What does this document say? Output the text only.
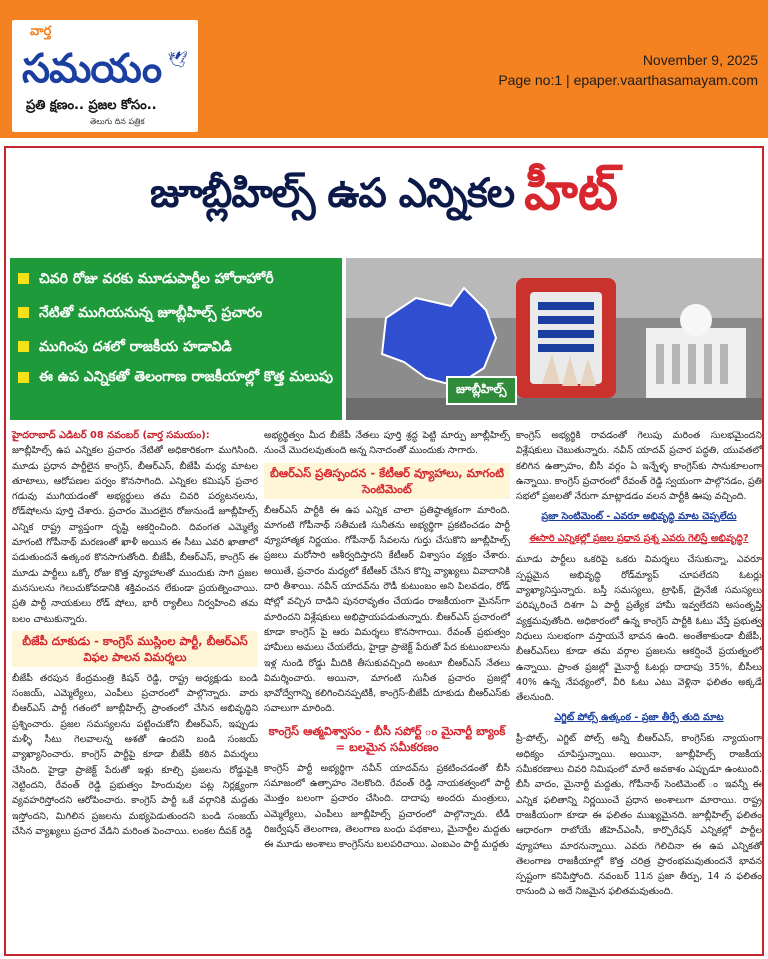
వార్త
సమయం 🕊
ప్రతి క్షణం.. ప్రజల కోసం..
తెలుగు దిన పత్రిక
November 9, 2025
Page no:1 | epaper.vaarthasamayam.com
జూబ్లీహిల్స్ ఉప ఎన్నికల హీట్
చివరి రోజు వరకు మూడుపార్టీల హోరాహోరీ
నేటితో ముగియనున్న జూబ్లీహిల్స్ ప్రచారం
ముగింపు దశలో రాజకీయ హడావిడి
ఈ ఉప ఎన్నికతో తెలంగాణ రాజకీయాల్లో కొత్త మలుపు
జూబ్లీహిల్స్

హైదరాబాద్ ఎడిటర్ 08 నవంబర్ (వార్త సమయం):

జూబ్లీహిల్స్ ఉప ఎన్నికల ప్రచారం నేటితో అధికారికంగా ముగిసింది. మూడు ప్రధాన పార్టీలైన కాంగ్రెస్, బీఆర్ఎస్, బీజేపీ మధ్య మాటల తూటాలు, ఆరోపణల పర్వం కొనసాగింది. ఎన్నికల కమిషన్ ప్రచార గడువు ముగియడంతో అభ్యర్థులు తమ చివరి పర్యటనలను, రోడ్‌షోలను పూర్తి చేశారు. ప్రచారం మొదలైన రోజునుండే జూబ్లీహిల్స్ ఎన్నిక రాష్ట్ర వ్యాప్తంగా దృష్టి ఆకర్షించింది. దివంగత ఎమ్మెల్యే మాగంటి గోపీనాథ్ మరణంతో ఖాళీ అయిన ఈ సీటు ఎవరి ఖాతాలో పడుతుందనే ఉత్కంఠ కొనసాగుతోంది. బీజేపీ, బీఆర్ఎస్, కాంగ్రెస్ ఈ మూడు పార్టీలు ఒక్కో రోజు కొత్త వ్యూహాలతో ముందుకు సాగి ప్రజల మనసులను గెలుచుకోవడానికి శక్తివంచన లేకుండా ప్రయత్నించాయి. ప్రతి పార్టీ నాయకులు రోడ్ షోలు, భారీ ర్యాలీలు నిర్వహించి తమ బలం చాటుకున్నారు.

బీజేపీ దూకుడు - కాంగ్రెస్ ముస్లింల పార్టీ, బీఆర్ఎస్ విఫల పాలన విమర్శలు

బీజేపీ తరపున కేంద్రమంత్రి కిషన్ రెడ్డి, రాష్ట్ర అధ్యక్షుడు బండి సంజయ్, ఎమ్మెల్యేలు, ఎంపీలు ప్రచారంలో పాల్గొన్నారు. వారు బీఆర్ఎస్ పార్టీ గతంలో జూబ్లీహిల్స్ ప్రాంతంలో చేసిన అభివృద్ధిని ప్రశ్నించారు. ప్రజల సమస్యలను పట్టించుకోని బీఆర్ఎస్, ఇప్పుడు మళ్ళీ సీటు గెలవాలన్న ఆశతో ఉందని బండి సంజయ్ వ్యాఖ్యానించారు. కాంగ్రెస్ పార్టీపై కూడా బీజేపీ కఠిన విమర్శలు చేసింది. హైడ్రా ప్రాజెక్ట్ పేరుతో ఇళ్లు కూల్చి ప్రజలను రోడ్డుపైకి నెట్టిందని, రేవంత్ రెడ్డి ప్రభుత్వం హిందువుల పట్ల నిర్లక్ష్యంగా వ్యవహరిస్తోందని ఆరోపించారు. కాంగ్రెస్ పార్టీ ఒకే వర్గానికి మద్దతు ఇస్తోందని, మిగిలిన ప్రజలను మభ్యపెడుతుందని బండి సంజయ్ చేసిన వ్యాఖ్యలు ప్రచార వేడిని మరింత పెంచాయి. లంకల దీపక్ రెడ్డి

అభ్యర్థిత్వం మీద బీజేపీ నేతలు పూర్తి శ్రద్ధ పెట్టి మార్పు జూబ్లీహిల్స్ నుంచే మొదలవుతుంది అన్న నినాదంతో ముందుకు సాగారు.

బీఆర్ఎస్ ప్రతిస్పందన - కేటీఆర్ వ్యూహాలు, మాగంటి సెంటిమెంట్

బీఆర్ఎస్ పార్టీకి ఈ ఉప ఎన్నిక చాలా ప్రతిష్ఠాత్మకంగా మారింది. మాగంటి గోపీనాథ్ సతీమణి సునీతను అభ్యర్థిగా ప్రకటించడం పార్టీ వ్యూహాత్మక నిర్ణయం. గోపీనాథ్ సేవలను గుర్తు చేసుకొని జూబ్లీహిల్స్ ప్రజలు మరోసారి ఆశీర్వదిస్తారని కేటీఆర్ విశ్వాసం వ్యక్తం చేశారు. అయితే, ప్రచారం మధ్యలో కేటీఆర్ చేసిన కొన్ని వ్యాఖ్యలు వివాదానికి దారి తీశాయి. నవీన్ యాదవ్‌ను రౌడీ కుటుంబం అని పిలవడం, రోడ్ షోల్లో వచ్చిన దాడిని పునరావృతం చేయడం రాజకీయంగా మైనస్‌గా మారిందని విశ్లేషకులు అభిప్రాయపడుతున్నారు. బీఆర్ఎస్ ప్రచారంలో కూడా కాంగ్రెస్ పై ఆరు విమర్శలు కొనసాగాయి. రేవంత్ ప్రభుత్వం హామీలు అమలు చేయలేదు, హైడ్రా ప్రాజెక్ట్ పేరుతో పేద కుటుంబాలను ఇళ్ల నుండి రోడ్డు మీదికి తీసుకువచ్చింది అంటూ బీఆర్ఎస్ నేతలు విమర్శించారు. అయినా, మాగంటి సునీత ప్రచారం ప్రజల్లో భావోద్వేగాన్ని కలిగించినప్పటికీ, కాంగ్రెస్-బీజేపీ దూకుడు బీఆర్ఎస్‌కు సవాలుగా మారింది.

కాంగ్రెస్ ఆత్మవిశ్వాసం - బీసీ సపోర్ట్ ం మైనార్టీ బ్యాంక్ = బలమైన సమీకరణం

కాంగ్రెస్ పార్టీ అభ్యర్థిగా నవీన్ యాదవ్‌ను ప్రకటించడంతో బీసీ సమాజంలో ఉత్సాహం నెలకొంది. రేవంత్ రెడ్డి నాయకత్వంలో పార్టీ మొత్తం బలంగా ప్రచారం చేసింది. దాదాపు అందరు మంత్రులు, ఎమ్మెల్యేలు, ఎంపీలు జూబ్లీహిల్స్ ప్రచారంలో పాల్గొన్నారు. టీడీ రిజర్వేషన్ తెలంగాణ, తెలంగాణ బంధు పథకాలు, మైనార్టీల మద్దతు ఈ మూడు అంశాలు కాంగ్రెస్‌ను బలపరిచాయి. ఎంఐఎం పార్టీ మద్దతు

కాంగ్రెస్ అభ్యర్థికి రావడంతో గెలుపు మరింత సులభమైందని విశ్లేషకులు చెబుతున్నారు. నవీన్ యాదవ్ ప్రచార పద్ధతి, యువతలో కలిగిన ఉత్సాహం, బీసీ వర్గం ఏ ఇన్నేళ్ళ కాంగ్రెస్‌కు సానుకూలంగా ఉన్నాయి. కాంగ్రెస్ ప్రచారంలో రేవంత్ రెడ్డి స్వయంగా పాల్గొనడం, ప్రతి సభలో ప్రజలతో నేరుగా మాట్లాడడం వలన పార్టీకి ఊపు వచ్చింది.

ప్రజా సెంటిమెంట్ - ఎవరూ అభివృద్ధి మాట చెప్పలేదు
ఈసారి ఎన్నికల్లో ప్రజల ప్రధాన ప్రశ్న ఎవరు గెలిస్తే అభివృద్ధి?

మూడు పార్టీలు ఒకరిపై ఒకరు విమర్శలు చేసుకున్నా, ఎవరూ స్పష్టమైన అభివృద్ధి రోడ్‌మ్యాప్ చూపలేదని ఓటర్లు వ్యాఖ్యానిస్తున్నారు. బస్తీ సమస్యలు, ట్రాఫిక్, డ్రైనేజీ సమస్యలు పరిష్కరించే దిశగా ఏ పార్టీ ప్రత్యేక హామీ ఇవ్వలేదని అసంతృప్తి వ్యక్తమవుతోంది. అధికారంలో ఉన్న కాంగ్రెస్ పార్టీకి ఓటు వేస్తే ప్రభుత్వ నిధులు సులభంగా వస్తాయనే భావన ఉంది. అంతేకాకుండా బీజేపీ, బీఆర్ఎస్‌లు కూడా తమ వర్గాల ప్రజలను ఆకర్షించే ప్రయత్నంలో ఉన్నాయి. ప్రాంత ప్రజల్లో మైనార్టీ ఓటర్లు దాదాపు 35%, బీసీలు 40% ఉన్న నేపథ్యంలో, వీరి ఓటు ఎటు వెళ్లినా ఫలితం అక్కడే తేలనుంది.

ఎగ్జిట్ పోల్స్ ఉత్కంఠ - ప్రజా తీర్పే తుది మాట

ప్రీ-పోల్స్, ఎగ్జిట్ పోల్స్ అన్నీ బీఆర్ఎస్, కాంగ్రెస్‌కు న్యాయంగా అధిక్యం చూపిస్తున్నాయి. అయినా, జూబ్లీహిల్స్ రాజకీయ సమీకరణాలు చివరి నిమిషంలో మారే అవకాశం ఎప్పుడూ ఉంటుంది. బీసీ వాదం, మైనార్టీ మద్దతు, గోపీనాథ్ సెంటిమెంట్ ం ఇవన్నీ ఈ ఎన్నిక ఫలితాన్ని నిర్ణయించే ప్రధాన అంశాలుగా మారాయి. రాష్ట్ర రాజకీయంగా కూడా ఈ ఫలితం ముఖ్యమైనది. జూబ్లీహిల్స్ ఫలితం ఆధారంగా రాబోయే జీహెచ్ఎంసీ, కార్పొరేషన్ ఎన్నికల్లో పార్టీల వ్యూహాలు మారనున్నాయి. ఎవరు గెలిచినా ఈ ఉప ఎన్నికతో తెలంగాణ రాజకీయాల్లో కొత్త చరిత్ర ప్రారంభమవుతుందనే భావన స్పష్టంగా కనిపిస్తోంది. నవంబర్ 11న ప్రజా తీర్పు, 14 న ఫలితం రానుంది ఎ అదే నిజమైన ఫలితమవుతుంది.
